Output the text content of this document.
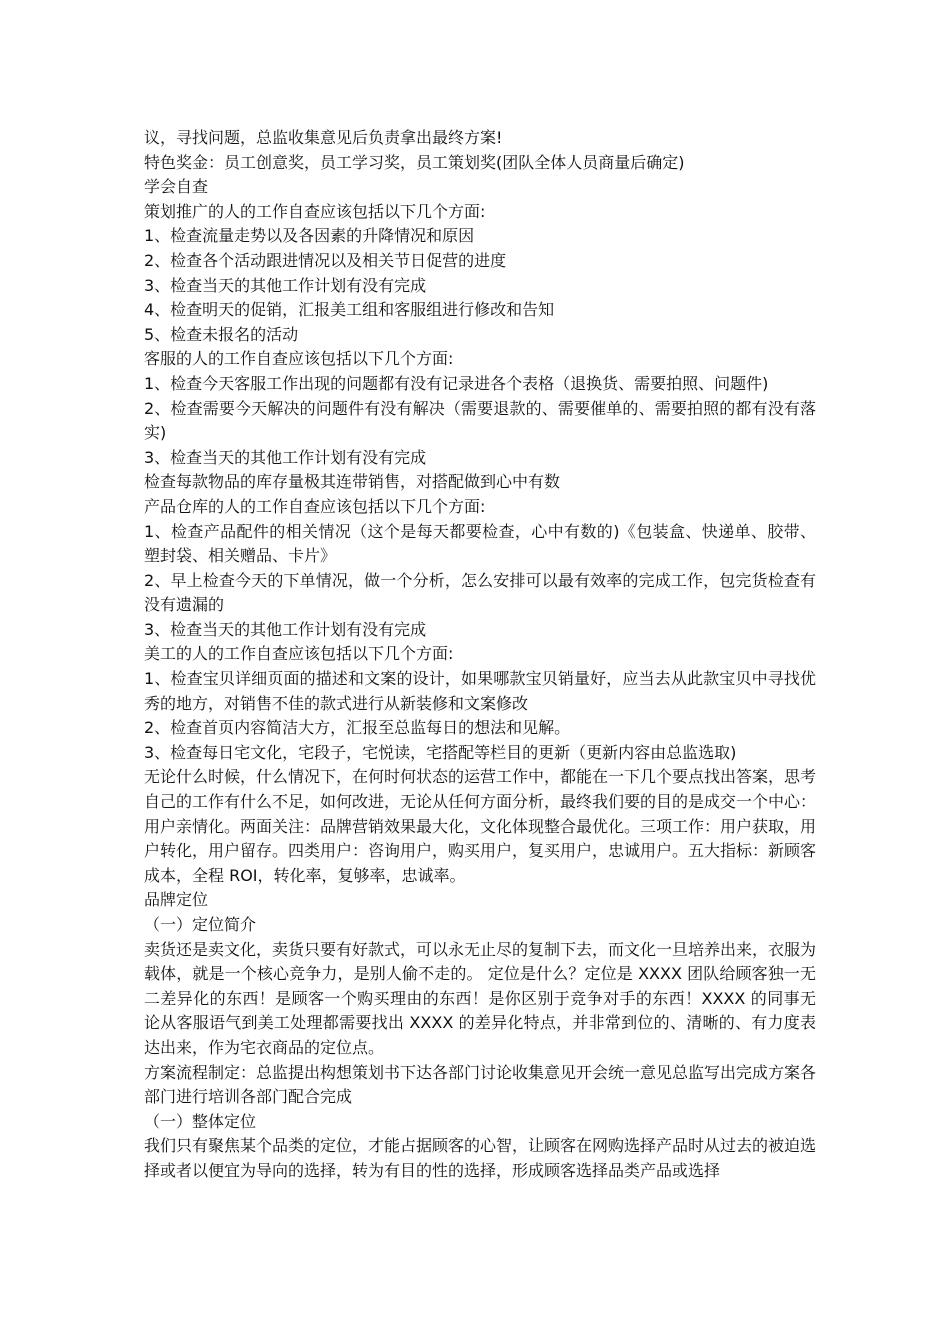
议，寻找问题，总监收集意见后负责拿出最终方案!

特色奖金：员工创意奖，员工学习奖，员工策划奖(团队全体人员商量后确定)

学会自查

策划推广的人的工作自查应该包括以下几个方面:

1、检查流量走势以及各因素的升降情况和原因

2、检查各个活动跟进情况以及相关节日促营的进度

3、检查当天的其他工作计划有没有完成

4、检查明天的促销，汇报美工组和客服组进行修改和告知

5、检查未报名的活动

客服的人的工作自查应该包括以下几个方面:

1、检查今天客服工作出现的问题都有没有记录进各个表格（退换货、需要拍照、问题件)

2、检查需要今天解决的问题件有没有解决（需要退款的、需要催单的、需要拍照的都有没有落实)

3、检查当天的其他工作计划有没有完成

检查每款物品的库存量极其连带销售，对搭配做到心中有数

产品仓库的人的工作自查应该包括以下几个方面:

1、检查产品配件的相关情况（这个是每天都要检查，心中有数的)《包装盒、快递单、胶带、塑封袋、相关赠品、卡片》

2、早上检查今天的下单情况，做一个分析，怎么安排可以最有效率的完成工作，包完货检查有没有遗漏的

3、检查当天的其他工作计划有没有完成

美工的人的工作自查应该包括以下几个方面:

1、检查宝贝详细页面的描述和文案的设计，如果哪款宝贝销量好，应当去从此款宝贝中寻找优秀的地方，对销售不佳的款式进行从新装修和文案修改

2、检查首页内容简洁大方，汇报至总监每日的想法和见解。

3、检查每日宅文化，宅段子，宅悦读，宅搭配等栏目的更新（更新内容由总监选取)

无论什么时候，什么情况下，在何时何状态的运营工作中，都能在一下几个要点找出答案，思考自己的工作有什么不足，如何改进，无论从任何方面分析，最终我们要的目的是成交一个中心：用户亲情化。两面关注：品牌营销效果最大化，文化体现整合最优化。三项工作：用户获取，用户转化，用户留存。四类用户：咨询用户，购买用户，复买用户，忠诚用户。五大指标：新顾客成本，全程 ROI，转化率，复够率，忠诚率。

品牌定位

（一）定位简介

卖货还是卖文化，卖货只要有好款式，可以永无止尽的复制下去，而文化一旦培养出来，衣服为载体，就是一个核心竞争力，是别人偷不走的。 定位是什么？定位是 XXXX 团队给顾客独一无二差异化的东西！是顾客一个购买理由的东西！是你区别于竞争对手的东西！XXXX 的同事无论从客服语气到美工处理都需要找出 XXXX 的差异化特点，并非常到位的、清晰的、有力度表达出来，作为宅衣商品的定位点。

方案流程制定：总监提出构想策划书下达各部门讨论收集意见开会统一意见总监写出完成方案各部门进行培训各部门配合完成

（一）整体定位

我们只有聚焦某个品类的定位，才能占据顾客的心智，让顾客在网购选择产品时从过去的被迫选择或者以便宜为导向的选择，转为有目的性的选择，形成顾客选择品类产品或选择
